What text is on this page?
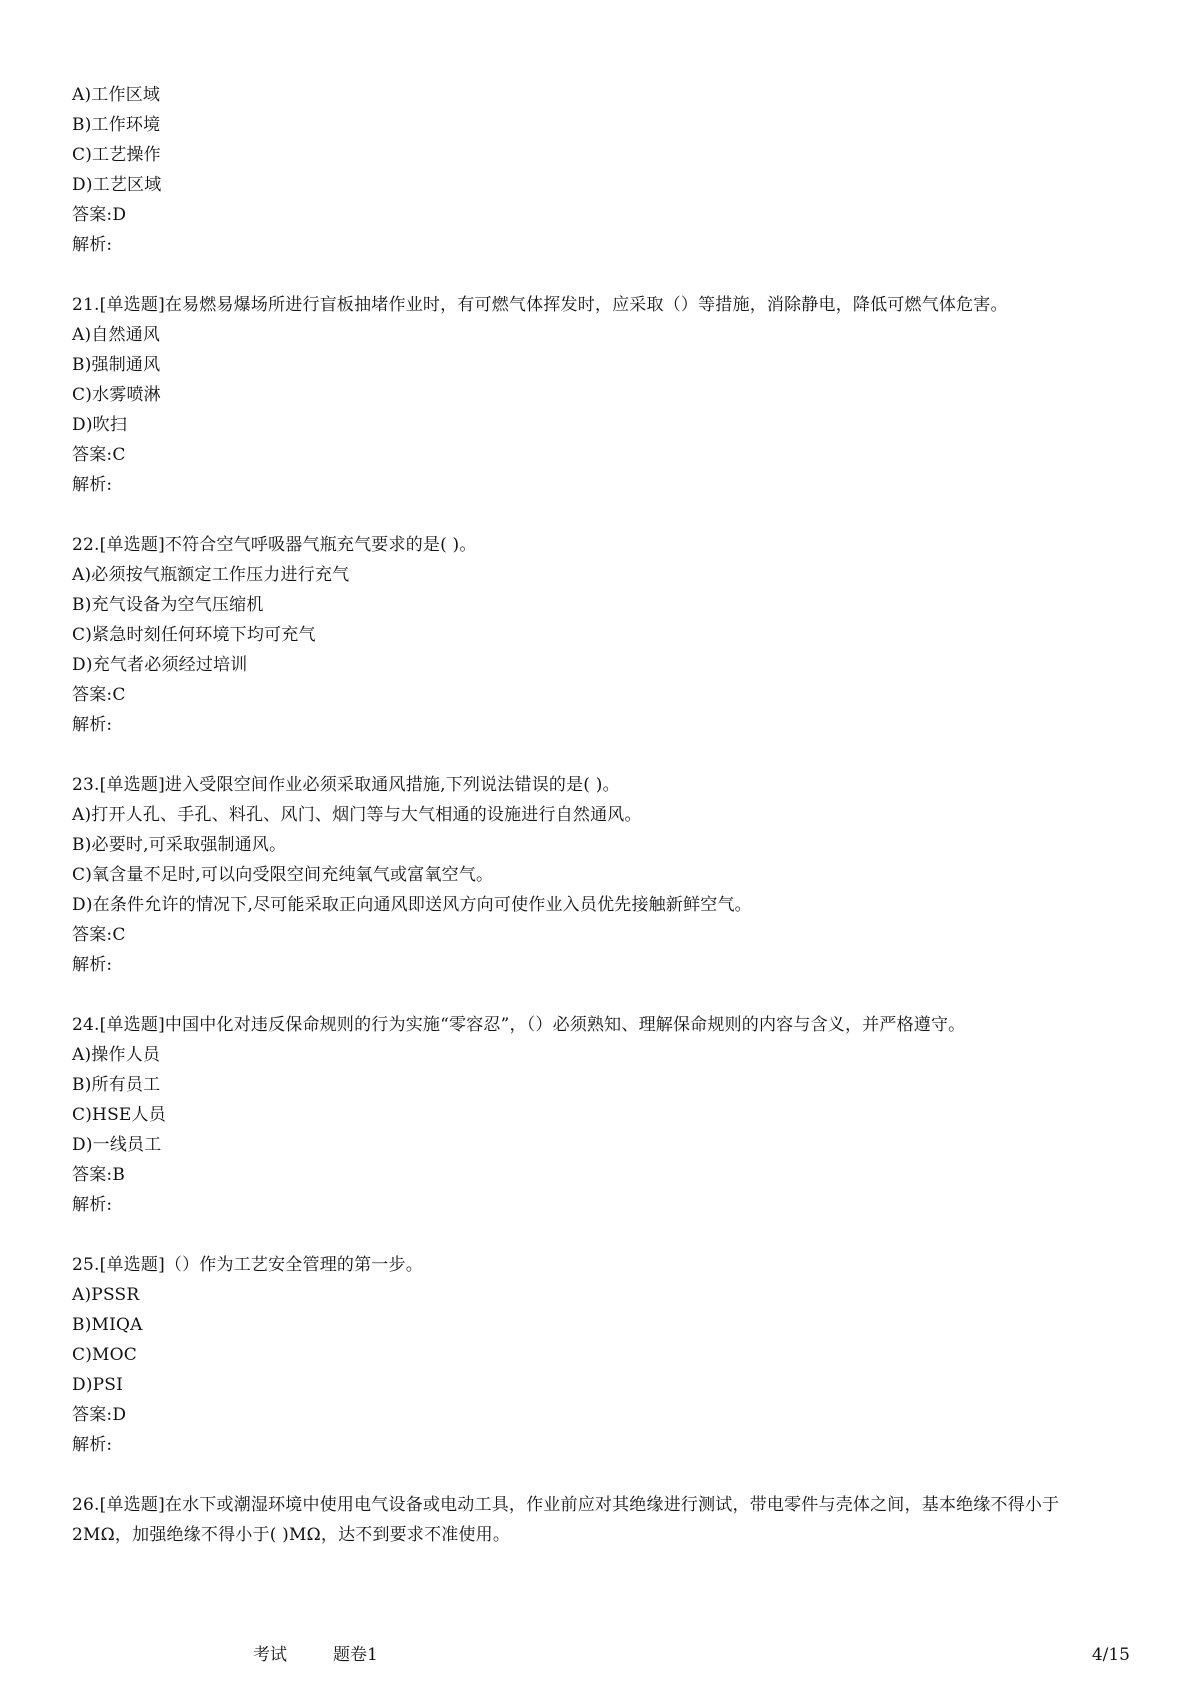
A)工作区域
B)工作环境
C)工艺操作
D)工艺区域
答案:D
解析:
21.[单选题]在易燃易爆场所进行盲板抽堵作业时，有可燃气体挥发时，应采取（）等措施，消除静电，降低可燃气体危害。
A)自然通风
B)强制通风
C)水雾喷淋
D)吹扫
答案:C
解析:
22.[单选题]不符合空气呼吸器气瓶充气要求的是( )。
A)必须按气瓶额定工作压力进行充气
B)充气设备为空气压缩机
C)紧急时刻任何环境下均可充气
D)充气者必须经过培训
答案:C
解析:
23.[单选题]进入受限空间作业必须采取通风措施,下列说法错误的是( )。
A)打开人孔、手孔、料孔、风门、烟门等与大气相通的设施进行自然通风。
B)必要时,可采取强制通风。
C)氧含量不足时,可以向受限空间充纯氧气或富氧空气。
D)在条件允许的情况下,尽可能采取正向通风即送风方向可使作业入员优先接触新鲜空气。
答案:C
解析:
24.[单选题]中国中化对违反保命规则的行为实施“零容忍”，（）必须熟知、理解保命规则的内容与含义，并严格遵守。
A)操作人员
B)所有员工
C)HSE人员
D)一线员工
答案:B
解析:
25.[单选题]（）作为工艺安全管理的第一步。
A)PSSR
B)MIQA
C)MOC
D)PSI
答案:D
解析:
26.[单选题]在水下或潮湿环境中使用电气设备或电动工具，作业前应对其绝缘进行测试，带电零件与壳体之间，基本绝缘不得小于2MΩ，加强绝缘不得小于( )MΩ，达不到要求不准使用。
考试	题卷1	4/15
